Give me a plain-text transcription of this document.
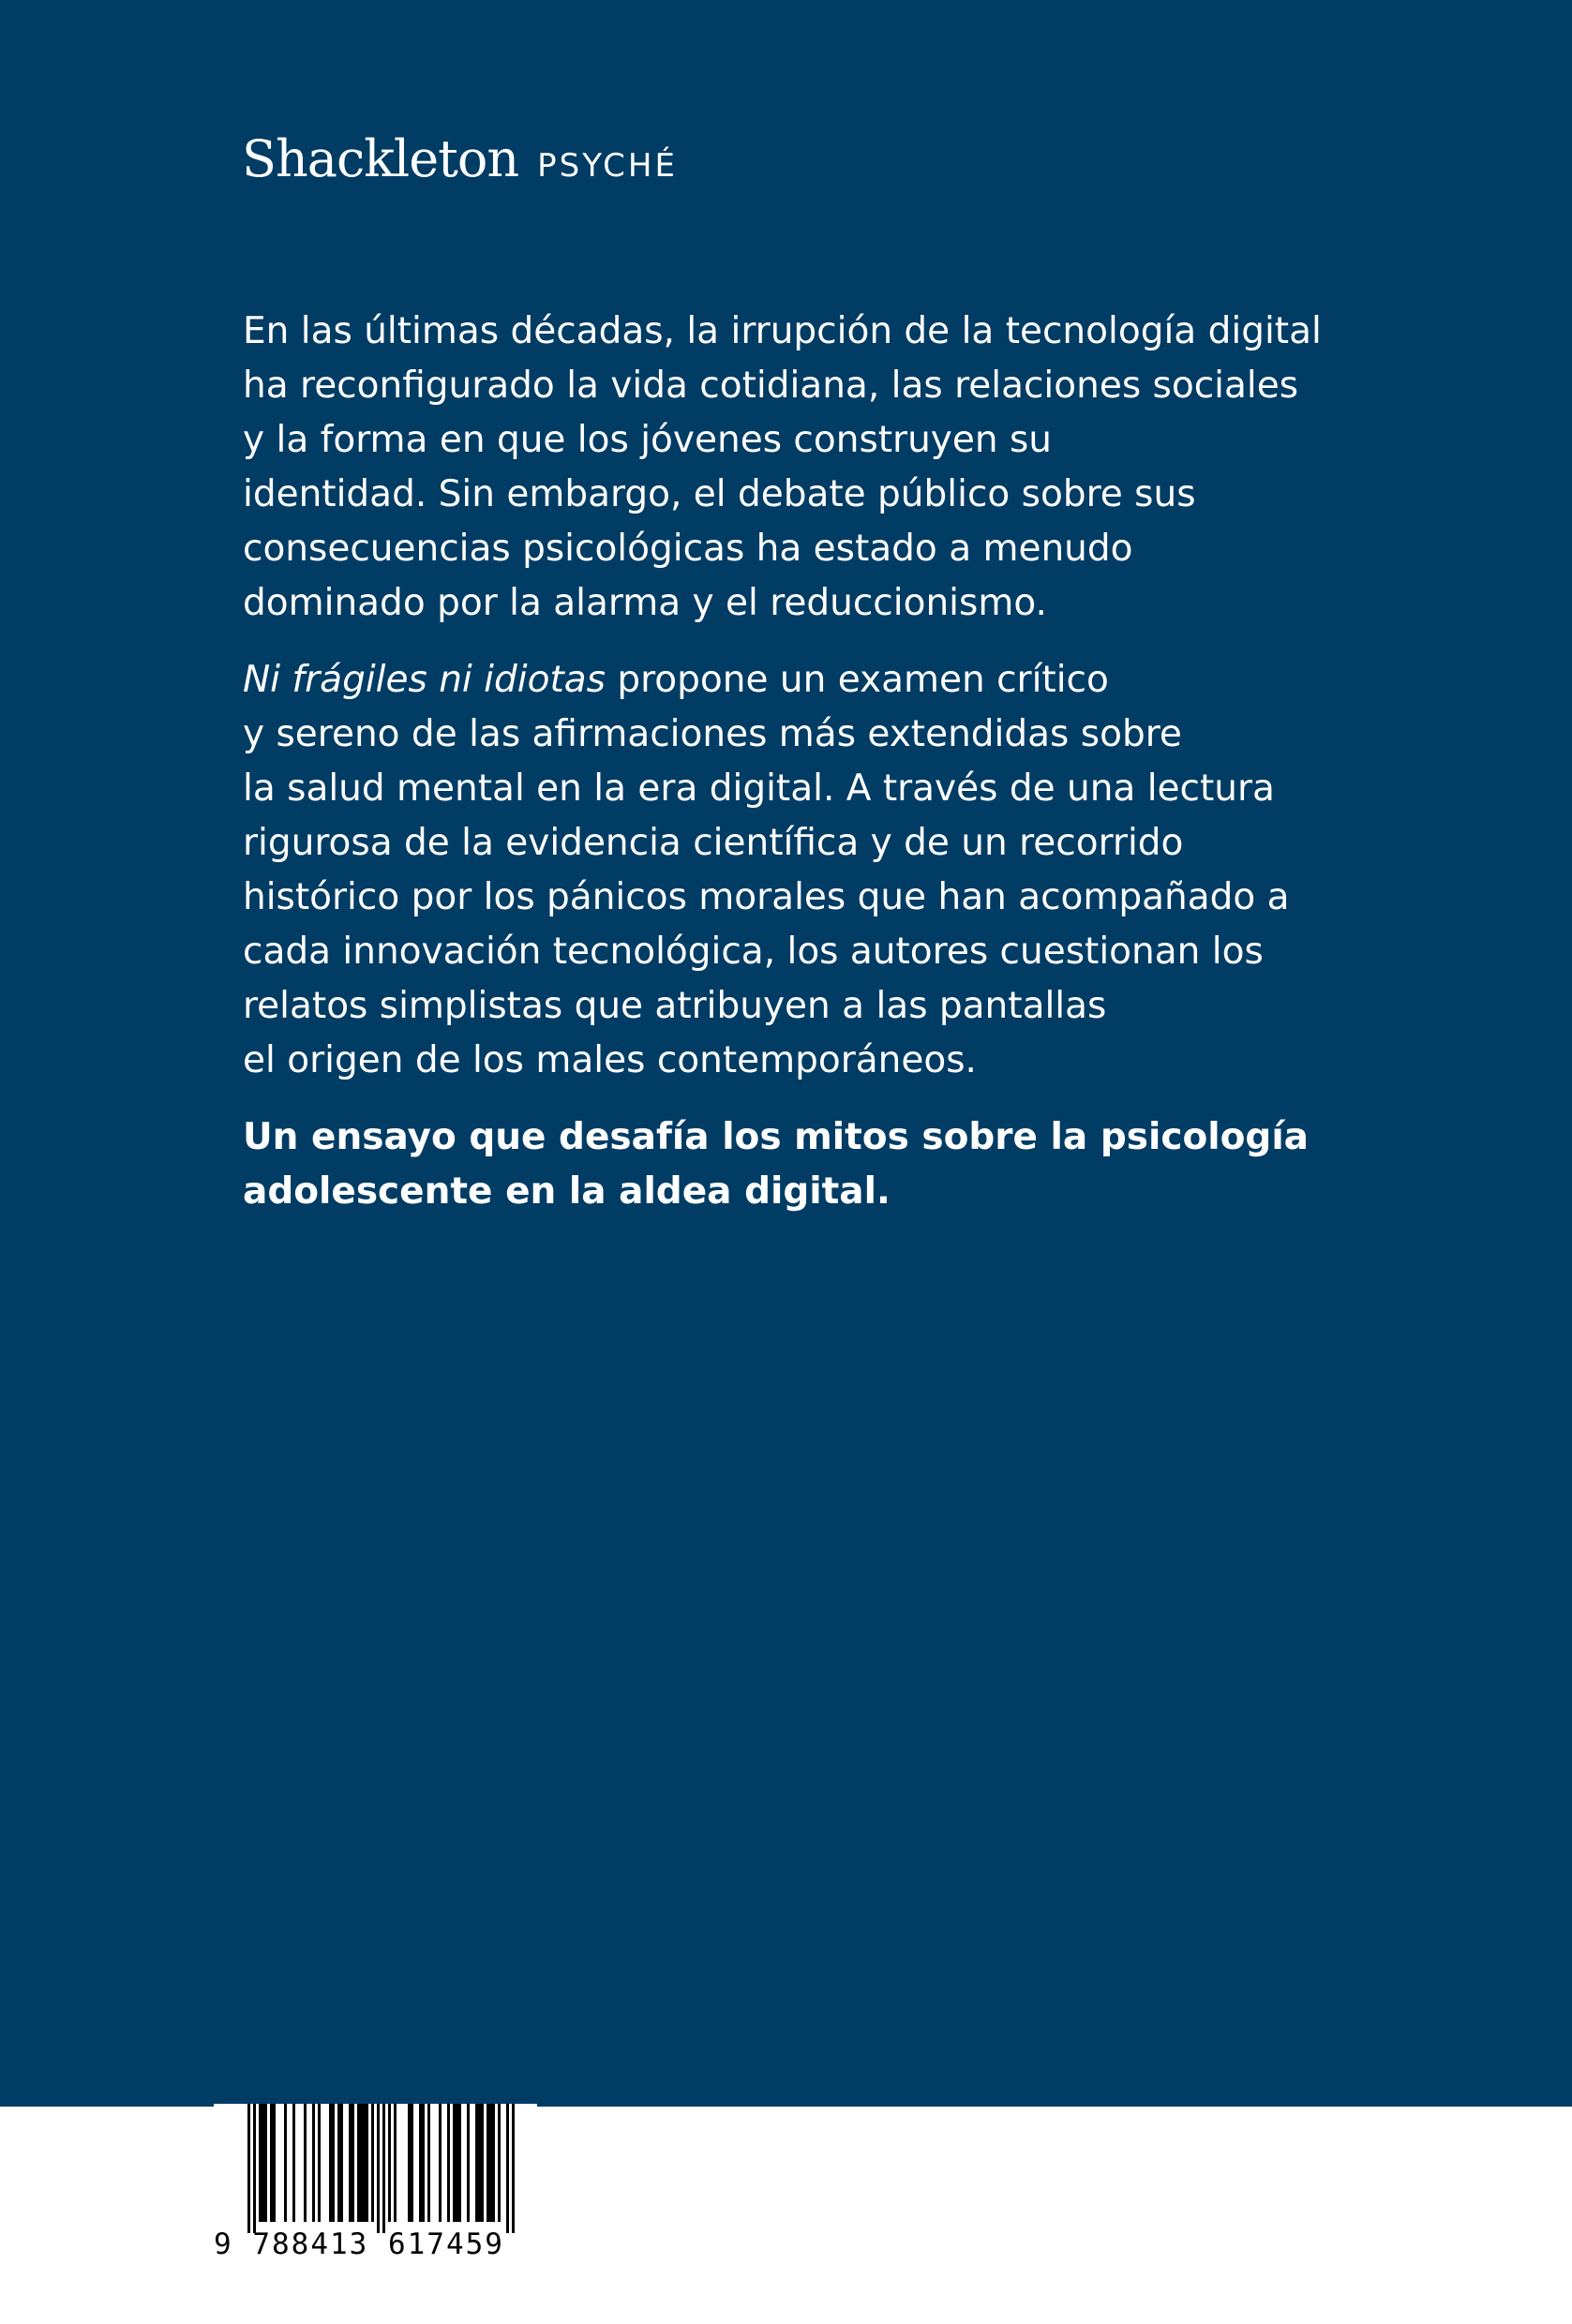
Shackleton PSYCHÉ

En las últimas décadas, la irrupción de la tecnología digital
ha reconfigurado la vida cotidiana, las relaciones sociales
y la forma en que los jóvenes construyen su
identidad. Sin embargo, el debate público sobre sus
consecuencias psicológicas ha estado a menudo
dominado por la alarma y el reduccionismo.

Ni frágiles ni idiotas propone un examen crítico
y sereno de las afirmaciones más extendidas sobre
la salud mental en la era digital. A través de una lectura
rigurosa de la evidencia científica y de un recorrido
histórico por los pánicos morales que han acompañado a
cada innovación tecnológica, los autores cuestionan los
relatos simplistas que atribuyen a las pantallas
el origen de los males contemporáneos.

Un ensayo que desafía los mitos sobre la psicología
adolescente en la aldea digital.

9 788413 617459
